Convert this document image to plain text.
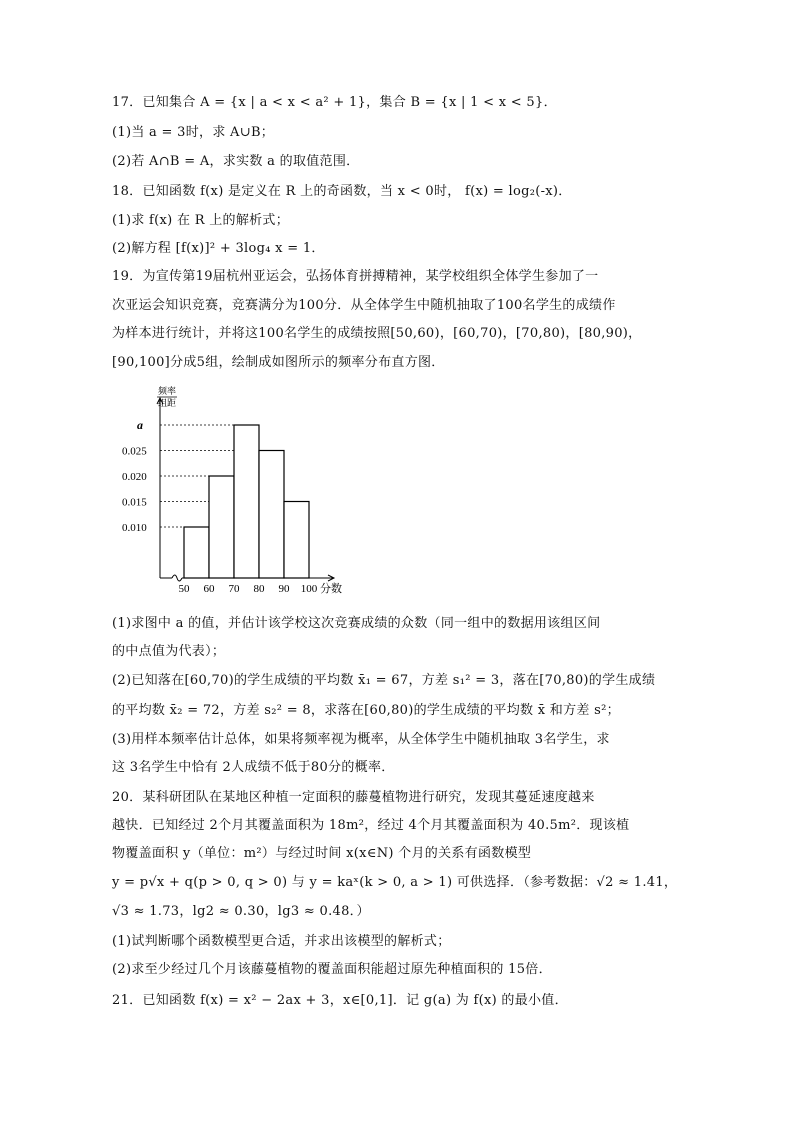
17．已知集合 A = {x | a < x < a² + 1}，集合 B = {x | 1 < x < 5}．
(1)当 a = 3时，求 A∪B；
(2)若 A∩B = A，求实数 a 的取值范围．
18．已知函数 f(x) 是定义在 R 上的奇函数，当 x < 0时， f(x) = log₂(-x)．
(1)求 f(x) 在 R 上的解析式；
(2)解方程 [f(x)]² + 3log₄ x = 1．
19．为宣传第19届杭州亚运会，弘扬体育拼搏精神，某学校组织全体学生参加了一
次亚运会知识竞赛，竞赛满分为100分．从全体学生中随机抽取了100名学生的成绩作
为样本进行统计，并将这100名学生的成绩按照[50,60)，[60,70)，[70,80)，[80,90)，
[90,100]分成5组，绘制成如图所示的频率分布直方图．
(1)求图中 a 的值，并估计该学校这次竞赛成绩的众数（同一组中的数据用该组区间
的中点值为代表）；
(2)已知落在[60,70)的学生成绩的平均数 x̄₁ = 67，方差 s₁² = 3，落在[70,80)的学生成绩
的平均数 x̄₂ = 72，方差 s₂² = 8，求落在[60,80)的学生成绩的平均数 x̄ 和方差 s²；
(3)用样本频率估计总体，如果将频率视为概率，从全体学生中随机抽取 3名学生，求
这 3名学生中恰有 2人成绩不低于80分的概率．
20．某科研团队在某地区种植一定面积的藤蔓植物进行研究，发现其蔓延速度越来
越快．已知经过 2个月其覆盖面积为 18m²，经过 4个月其覆盖面积为 40.5m²．现该植
物覆盖面积 y（单位：m²）与经过时间 x(x∈N) 个月的关系有函数模型
y = p√x + q(p > 0, q > 0) 与 y = kaˣ(k > 0, a > 1) 可供选择．（参考数据：√2 ≈ 1.41，
√3 ≈ 1.73，lg2 ≈ 0.30，lg3 ≈ 0.48．）
(1)试判断哪个函数模型更合适，并求出该模型的解析式；
(2)求至少经过几个月该藤蔓植物的覆盖面积能超过原先种植面积的 15倍．
21．已知函数 f(x) = x² − 2ax + 3，x∈[0,1]．记 g(a) 为 f(x) 的最小值．
频率
组距
0.010
0.015
0.020
0.025
a
50 60 70 80 90 100 分数
